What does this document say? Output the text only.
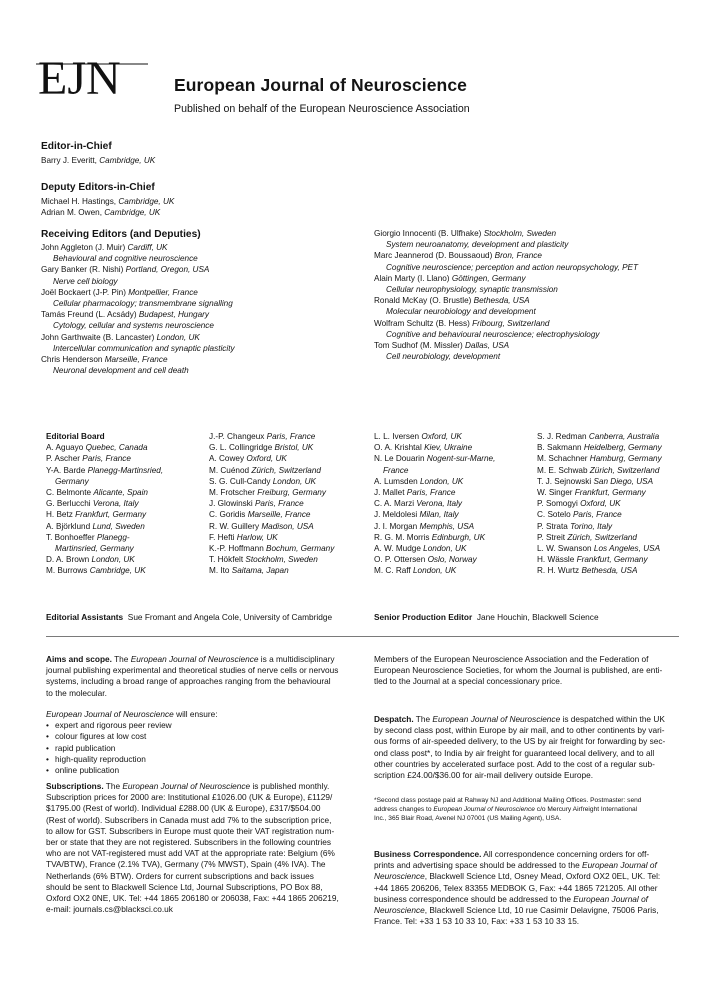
EJN	European Journal of Neuroscience
Published on behalf of the European Neuroscience Association
Editor-in-Chief
Barry J. Everitt, Cambridge, UK
Deputy Editors-in-Chief
Michael H. Hastings, Cambridge, UK
Adrian M. Owen, Cambridge, UK
Receiving Editors (and Deputies)
John Aggleton (J. Muir) Cardiff, UK
Behavioural and cognitive neuroscience
Gary Banker (R. Nishi) Portland, Oregon, USA
Nerve cell biology
Joël Bockaert (J-P. Pin) Montpellier, France
Cellular pharmacology; transmembrane signalling
Tamás Freund (L. Acsády) Budapest, Hungary
Cytology, cellular and systems neuroscience
John Garthwaite (B. Lancaster) London, UK
Intercellular communication and synaptic plasticity
Chris Henderson Marseille, France
Neuronal development and cell death
Giorgio Innocenti (B. Ulfhake) Stockholm, Sweden
System neuroanatomy, development and plasticity
Marc Jeannerod (D. Boussaoud) Bron, France
Cognitive neuroscience; perception and action neuropsychology, PET
Alain Marty (I. Llano) Göttingen, Germany
Cellular neurophysiology, synaptic transmission
Ronald McKay (O. Brustle) Bethesda, USA
Molecular neurobiology and development
Wolfram Schultz (B. Hess) Fribourg, Switzerland
Cognitive and behavioural neuroscience; electrophysiology
Tom Sudhof (M. Missler) Dallas, USA
Cell neurobiology, development
Editorial Board
A. Aguayo Quebec, Canada
P. Ascher Paris, France
Y-A. Barde Planegg-Martinsried,
Germany
C. Belmonte Alicante, Spain
G. Berlucchi Verona, Italy
H. Betz Frankfurt, Germany
A. Björklund Lund, Sweden
T. Bonhoeffer Planegg-
Martinsried, Germany
D. A. Brown London, UK
M. Burrows Cambridge, UK
J.-P. Changeux Paris, France
G. L. Collingridge Bristol, UK
A. Cowey Oxford, UK
M. Cuénod Zürich, Switzerland
S. G. Cull-Candy London, UK
M. Frotscher Freiburg, Germany
J. Glowinski Paris, France
C. Goridis Marseille, France
R. W. Guillery Madison, USA
F. Hefti Harlow, UK
K.-P. Hoffmann Bochum, Germany
T. Hökfelt Stockholm, Sweden
M. Ito Saitama, Japan
L. L. Iversen Oxford, UK
O. A. Krishtal Kiev, Ukraine
N. Le Douarin Nogent-sur-Marne,
France
A. Lumsden London, UK
J. Mallet Paris, France
C. A. Marzi Verona, Italy
J. Meldolesi Milan, Italy
J. I. Morgan Memphis, USA
R. G. M. Morris Edinburgh, UK
A. W. Mudge London, UK
O. P. Ottersen Oslo, Norway
M. C. Raff London, UK
S. J. Redman Canberra, Australia
B. Sakmann Heidelberg, Germany
M. Schachner Hamburg, Germany
M. E. Schwab Zürich, Switzerland
T. J. Sejnowski San Diego, USA
W. Singer Frankfurt, Germany
P. Somogyi Oxford, UK
C. Sotelo Paris, France
P. Strata Torino, Italy
P. Streit Zürich, Switzerland
L. W. Swanson Los Angeles, USA
H. Wässle Frankfurt, Germany
R. H. Wurtz Bethesda, USA
Editorial Assistants Sue Fromant and Angela Cole, University of Cambridge	Senior Production Editor Jane Houchin, Blackwell Science

Aims and scope. The European Journal of Neuroscience is a multidisciplinary

journal publishing experimental and theoretical studies of nerve cells or nervous

systems, including a broad range of approaches ranging from the behavioural

to the molecular.

European Journal of Neuroscience will ensure:

• expert and rigorous peer review
• colour figures at low cost
• rapid publication
• high-quality reproduction
• online publication

Subscriptions. The European Journal of Neuroscience is published monthly.

Subscription prices for 2000 are: Institutional £1026.00 (UK & Europe), £1129/

$1795.00 (Rest of world). Individual £288.00 (UK & Europe), £317/$504.00

(Rest of world). Subscribers in Canada must add 7% to the subscription price,

to allow for GST. Subscribers in Europe must quote their VAT registration num-

ber or state that they are not registered. Subscribers in the following countries

who are not VAT-registered must add VAT at the appropriate rate: Belgium (6%

TVA/BTW), France (2.1% TVA), Germany (7% MWST), Spain (4% IVA). The

Netherlands (6% BTW). Orders for current subscriptions and back issues

should be sent to Blackwell Science Ltd, Journal Subscriptions, PO Box 88,

Oxford OX2 0NE, UK. Tel: +44 1865 206180 or 206038, Fax: +44 1865 206219,

e-mail: journals.cs@blacksci.co.uk

Members of the European Neuroscience Association and the Federation of

European Neuroscience Societies, for whom the Journal is published, are enti-

tled to the Journal at a special concessionary price.

Despatch. The European Journal of Neuroscience is despatched within the UK

by second class post, within Europe by air mail, and to other continents by vari-

ous forms of air-speeded delivery, to the US by air freight for forwarding by sec-

ond class post*, to India by air freight for guaranteed local delivery, and to all

other countries by accelerated surface post. Add to the cost of a regular sub-

scription £24.00/$36.00 for air-mail delivery outside Europe.

*Second class postage paid at Rahway NJ and Additional Mailing Offices. Postmaster: send

address changes to European Journal of Neuroscience c/o Mercury Airfreight International

Inc., 365 Blair Road, Avenel NJ 07001 (US Mailing Agent), USA.

Business Correspondence. All correspondence concerning orders for off-

prints and advertising space should be addressed to the European Journal of

Neuroscience, Blackwell Science Ltd, Osney Mead, Oxford OX2 0EL, UK. Tel:

+44 1865 206206, Telex 83355 MEDBOK G, Fax: +44 1865 721205. All other

business correspondence should be addressed to the European Journal of

Neuroscience, Blackwell Science Ltd, 10 rue Casimir Delavigne, 75006 Paris,

France. Tel: +33 1 53 10 33 10, Fax: +33 1 53 10 33 15.
